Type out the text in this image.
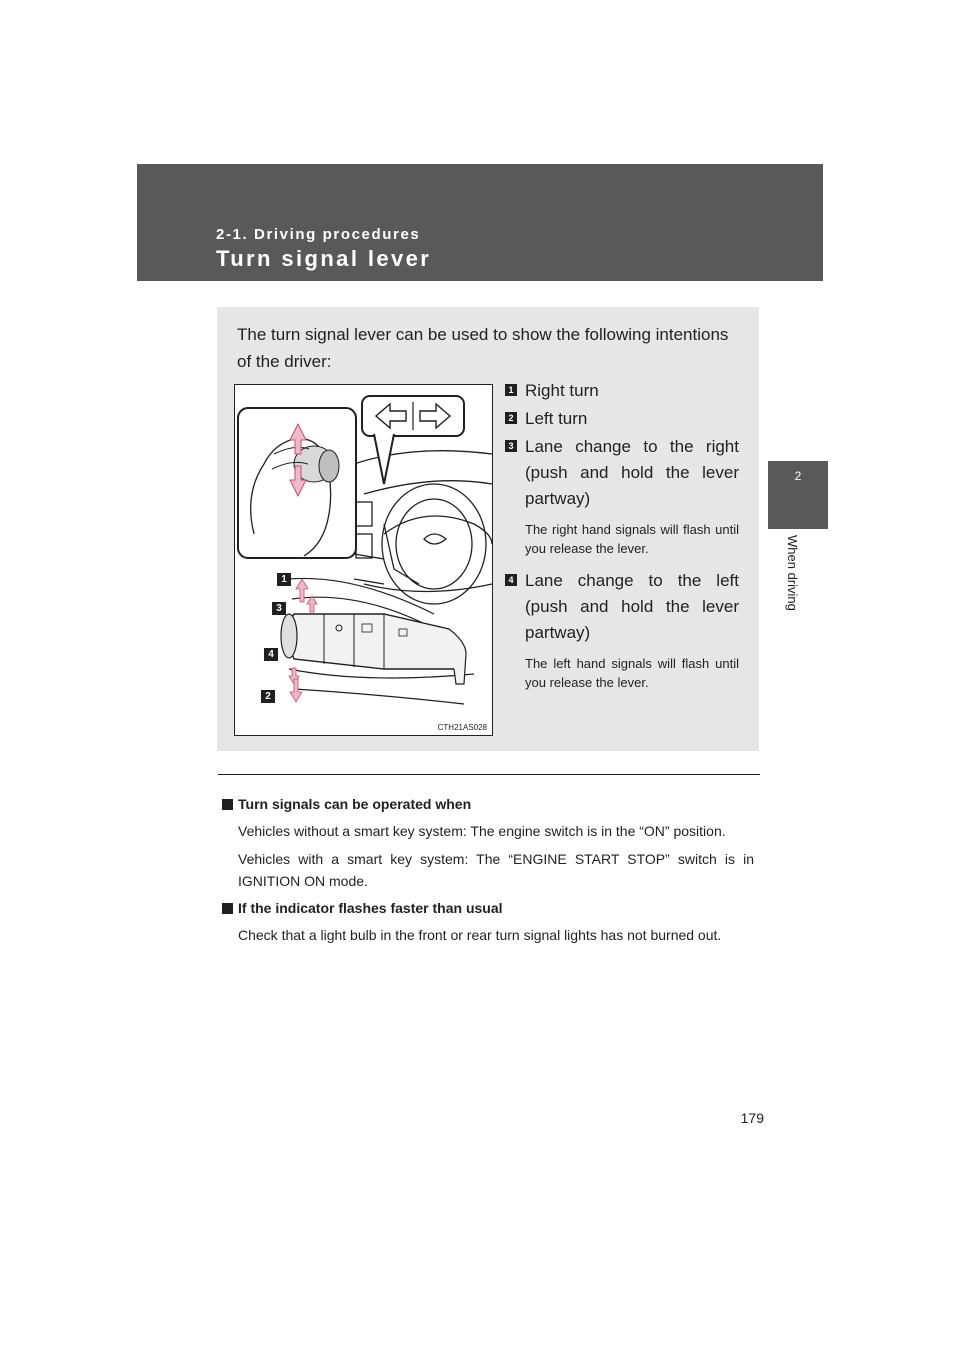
2-1. Driving procedures
Turn signal lever
2
When driving
The turn signal lever can be used to show the following intentions of the driver:
1
3
4
2
CTH21AS028
1 Right turn
2 Left turn
3 Lane change to the right (push and hold the lever partway)
The right hand signals will flash until you release the lever.
4 Lane change to the left (push and hold the lever partway)
The left hand signals will flash until you release the lever.
Turn signals can be operated when
Vehicles without a smart key system: The engine switch is in the “ON” position.
Vehicles with a smart key system: The “ENGINE START STOP” switch is in IGNITION ON mode.
If the indicator flashes faster than usual
Check that a light bulb in the front or rear turn signal lights has not burned out.
179
